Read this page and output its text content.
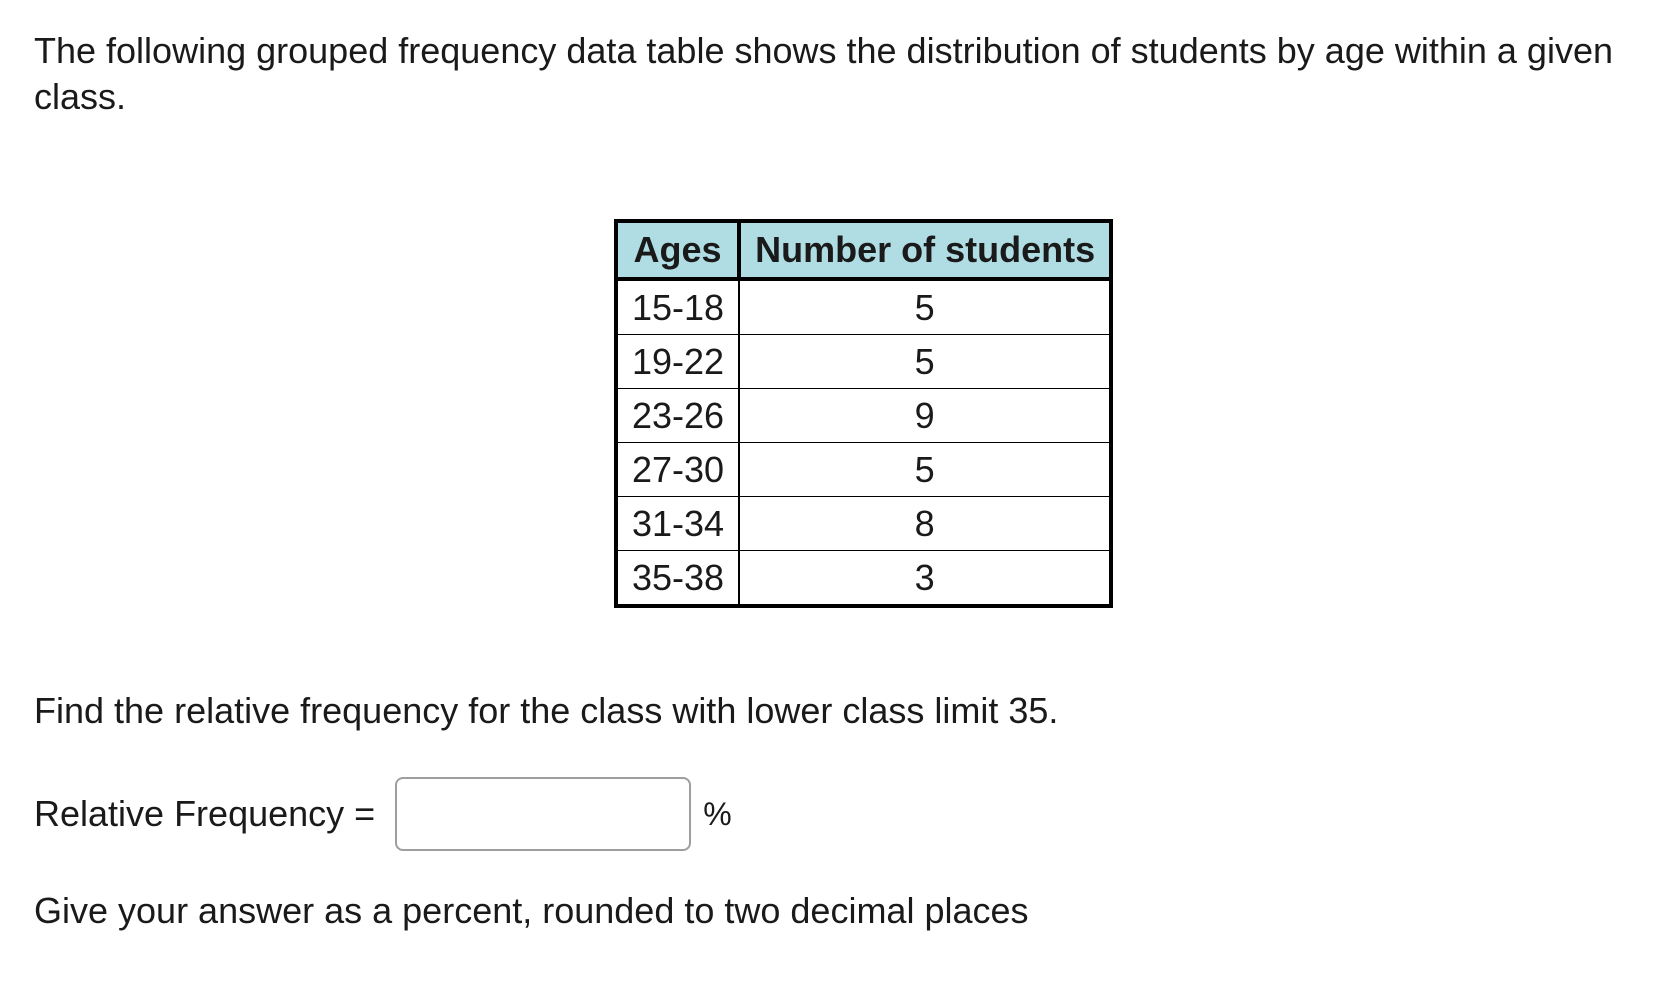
The following grouped frequency data table shows the distribution of students by age within a given class.

Ages	Number of students
15-18	5
19-22	5
23-26	9
27-30	5
31-34	8
35-38	3

Find the relative frequency for the class with lower class limit 35.

Relative Frequency =	%

Give your answer as a percent, rounded to two decimal places
